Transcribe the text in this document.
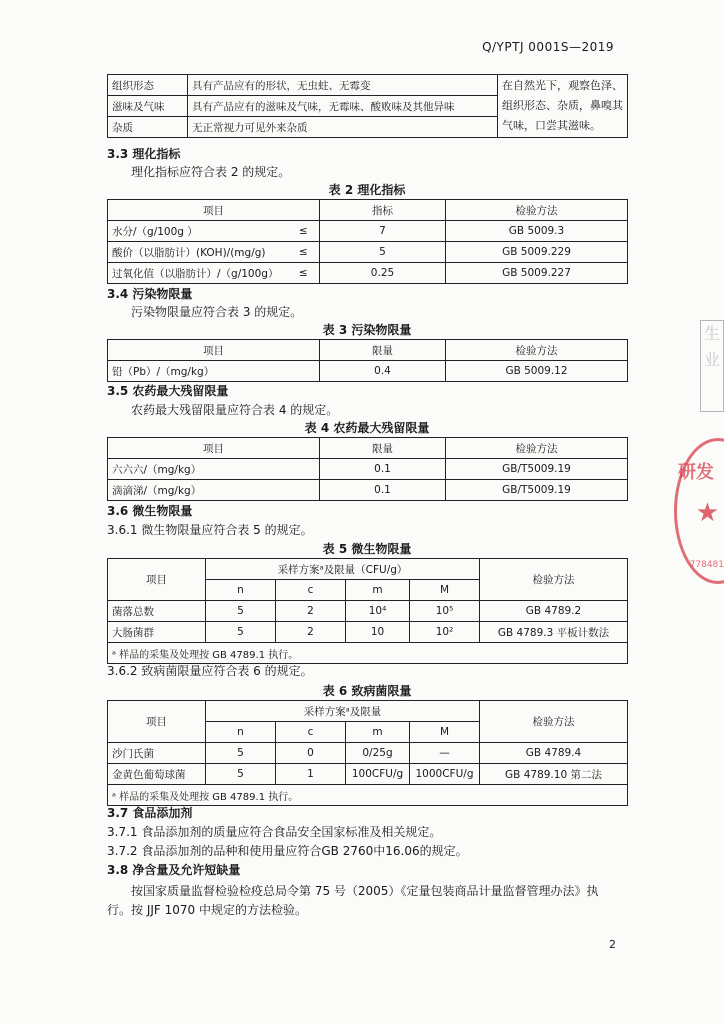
Q/YPTJ 0001S—2019
组织形态	具有产品应有的形状，无虫蛀、无霉变	在自然光下，观察色泽、组织形态、杂质，鼻嗅其气味，口尝其滋味。
滋味及气味	具有产品应有的滋味及气味，无霉味、酸败味及其他异味	
杂质	无正常视力可见外来杂质	
3.3 理化指标
理化指标应符合表 2 的规定。
表 2 理化指标
项目		指标	检验方法
水分/（g/100g ）	≤	7	GB 5009.3
酸价（以脂肪计）(KOH)/(mg/g)	≤	5	GB 5009.229
过氧化值（以脂肪计）/（g/100g）	≤	0.25	GB 5009.227
3.4 污染物限量
污染物限量应符合表 3 的规定。
表 3 污染物限量
项目	限量	检验方法
铅（Pb）/（mg/kg）	0.4	GB 5009.12
3.5 农药最大残留限量
农药最大残留限量应符合表 4 的规定。
表 4 农药最大残留限量
项目	限量	检验方法
六六六/（mg/kg）	0.1	GB/T5009.19
滴滴涕/（mg/kg）	0.1	GB/T5009.19
3.6 微生物限量
3.6.1 微生物限量应符合表 5 的规定。
表 5 微生物限量
项目	采样方案ᵃ及限量（CFU/g）				检验方法
	n	c	m	M	
菌落总数	5	2	10⁴	10⁵	GB 4789.2
大肠菌群	5	2	10	10²	GB 4789.3 平板计数法
ᵃ 样品的采集及处理按 GB 4789.1 执行。					
3.6.2 致病菌限量应符合表 6 的规定。
表 6 致病菌限量
项目	采样方案ᵃ及限量				检验方法
	n	c	m	M	
沙门氏菌	5	0	0/25g	—	GB 4789.4
金黄色葡萄球菌	5	1	100CFU/g	1000CFU/g	GB 4789.10 第二法
ᵃ 样品的采集及处理按 GB 4789.1 执行。					
3.7 食品添加剂
3.7.1 食品添加剂的质量应符合食品安全国家标准及相关规定。
3.7.2 食品添加剂的品种和使用量应符合GB 2760中16.06的规定。
3.8 净含量及允许短缺量
按国家质量监督检验检疫总局令第 75 号（2005）《定量包装商品计量监督管理办法》执
行。按 JJF 1070 中规定的方法检验。
生业
研发
★
778481
2
